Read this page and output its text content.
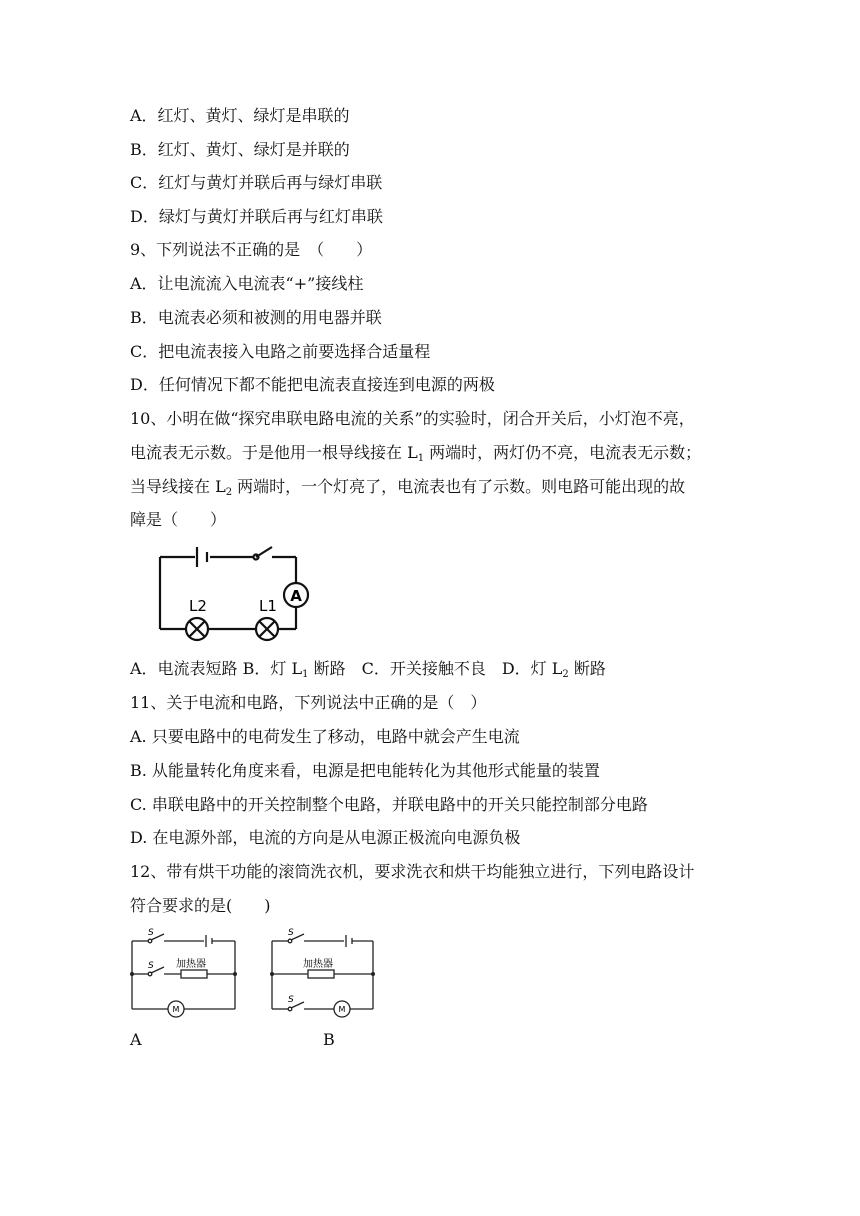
A．红灯、黄灯、绿灯是串联的
B．红灯、黄灯、绿灯是并联的
C．红灯与黄灯并联后再与绿灯串联
D．绿灯与黄灯并联后再与红灯串联
9、下列说法不正确的是　（　　）
A．让电流流入电流表“+”接线柱
B．电流表必须和被测的用电器并联
C．把电流表接入电路之前要选择合适量程
D．任何情况下都不能把电流表直接连到电源的两极
10、小明在做“探究串联电路电流的关系”的实验时，闭合开关后，小灯泡不亮，
电流表无示数。于是他用一根导线接在 $L_1$ 两端时，两灯仍不亮，电流表无示数；
当导线接在 $L_2$ 两端时，一个灯亮了，电流表也有了示数。则电路可能出现的故
障是（　　）
A
L2	L1
A．电流表短路 B．灯 $L_1$ 断路　C．开关接触不良　D．灯 $L_2$ 断路
11、关于电流和电路，下列说法中正确的是（　）
A. 只要电路中的电荷发生了移动，电路中就会产生电流
B. 从能量转化角度来看，电源是把电能转化为其他形式能量的装置
C. 串联电路中的开关控制整个电路，并联电路中的开关只能控制部分电路
D. 在电源外部，电流的方向是从电源正极流向电源负极
12、带有烘干功能的滚筒洗衣机，要求洗衣和烘干均能独立进行，下列电路设计
符合要求的是(　　)
S
S 加热器
M
S
加热器
S
M
A	B
